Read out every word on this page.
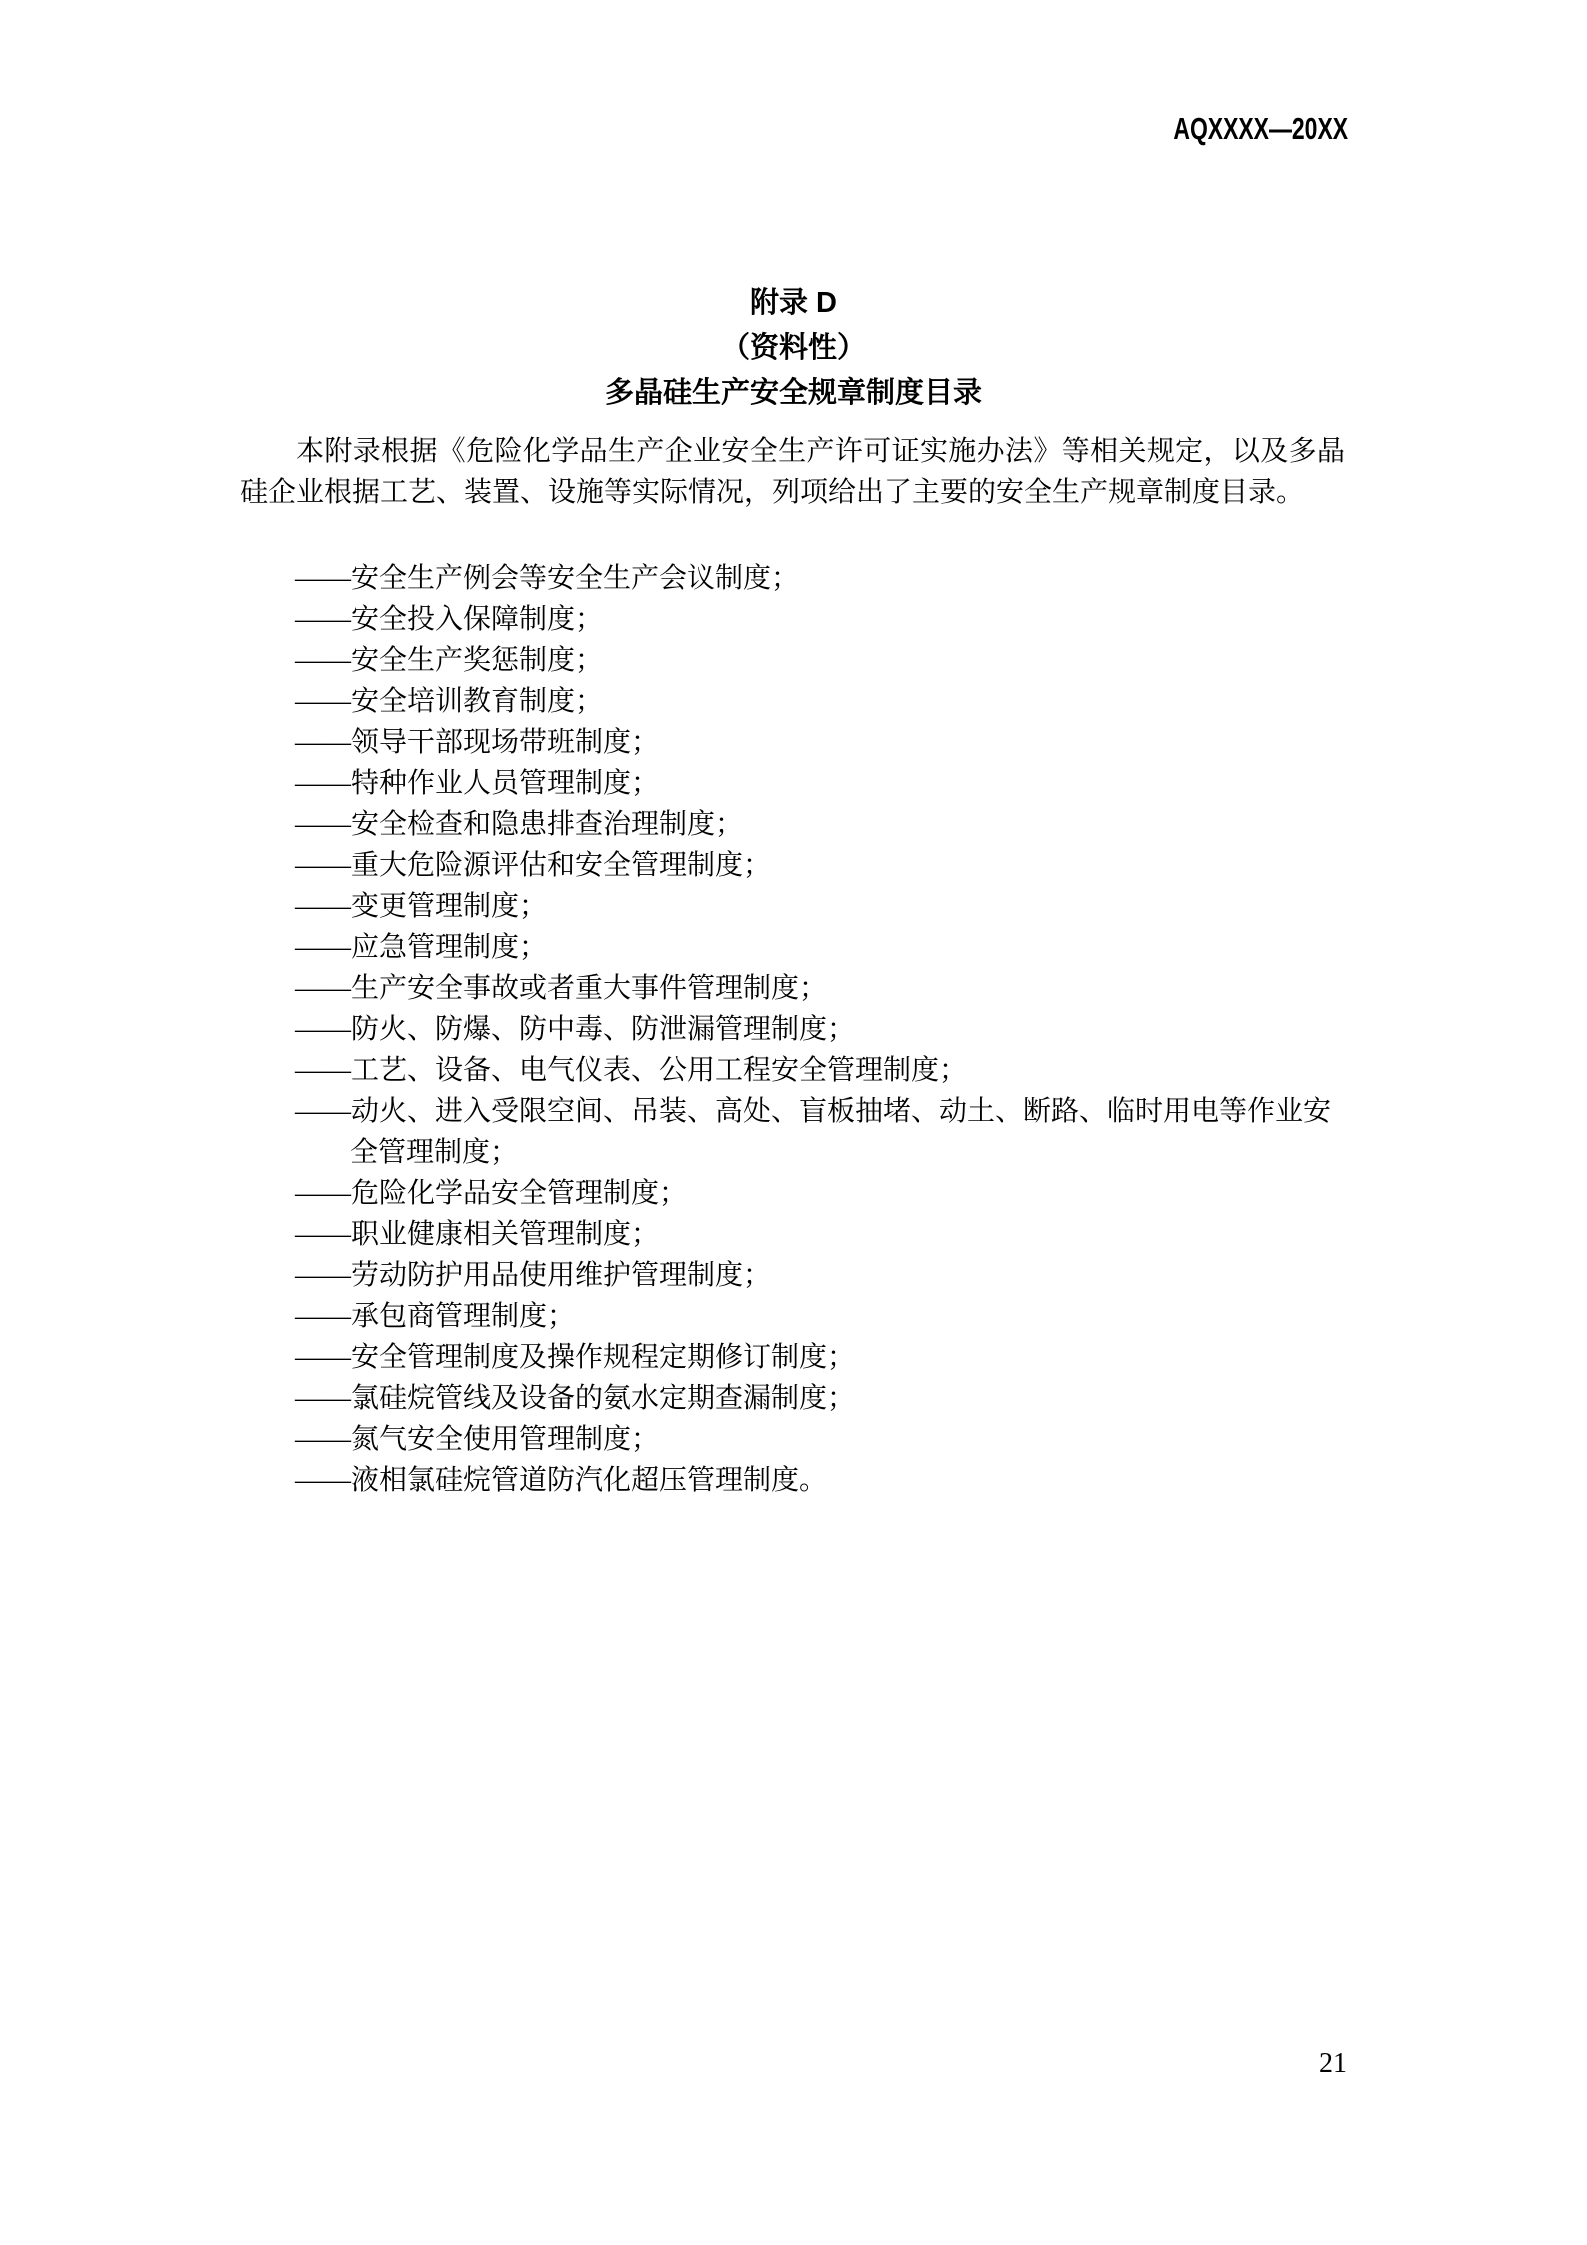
AQXXXX—20XX
附录 D
（资料性）
多晶硅生产安全规章制度目录

本附录根据《危险化学品生产企业安全生产许可证实施办法》等相关规定，以及多晶硅企业根据工艺、装置、设施等实际情况，列项给出了主要的安全生产规章制度目录。

——安全生产例会等安全生产会议制度；
——安全投入保障制度；
——安全生产奖惩制度；
——安全培训教育制度；
——领导干部现场带班制度；
——特种作业人员管理制度；
——安全检查和隐患排查治理制度；
——重大危险源评估和安全管理制度；
——变更管理制度；
——应急管理制度；
——生产安全事故或者重大事件管理制度；
——防火、防爆、防中毒、防泄漏管理制度；
——工艺、设备、电气仪表、公用工程安全管理制度；
——动火、进入受限空间、吊装、高处、盲板抽堵、动土、断路、临时用电等作业安全管理制度；
——危险化学品安全管理制度；
——职业健康相关管理制度；
——劳动防护用品使用维护管理制度；
——承包商管理制度；
——安全管理制度及操作规程定期修订制度；
——氯硅烷管线及设备的氨水定期查漏制度；
——氮气安全使用管理制度；
——液相氯硅烷管道防汽化超压管理制度。
21
